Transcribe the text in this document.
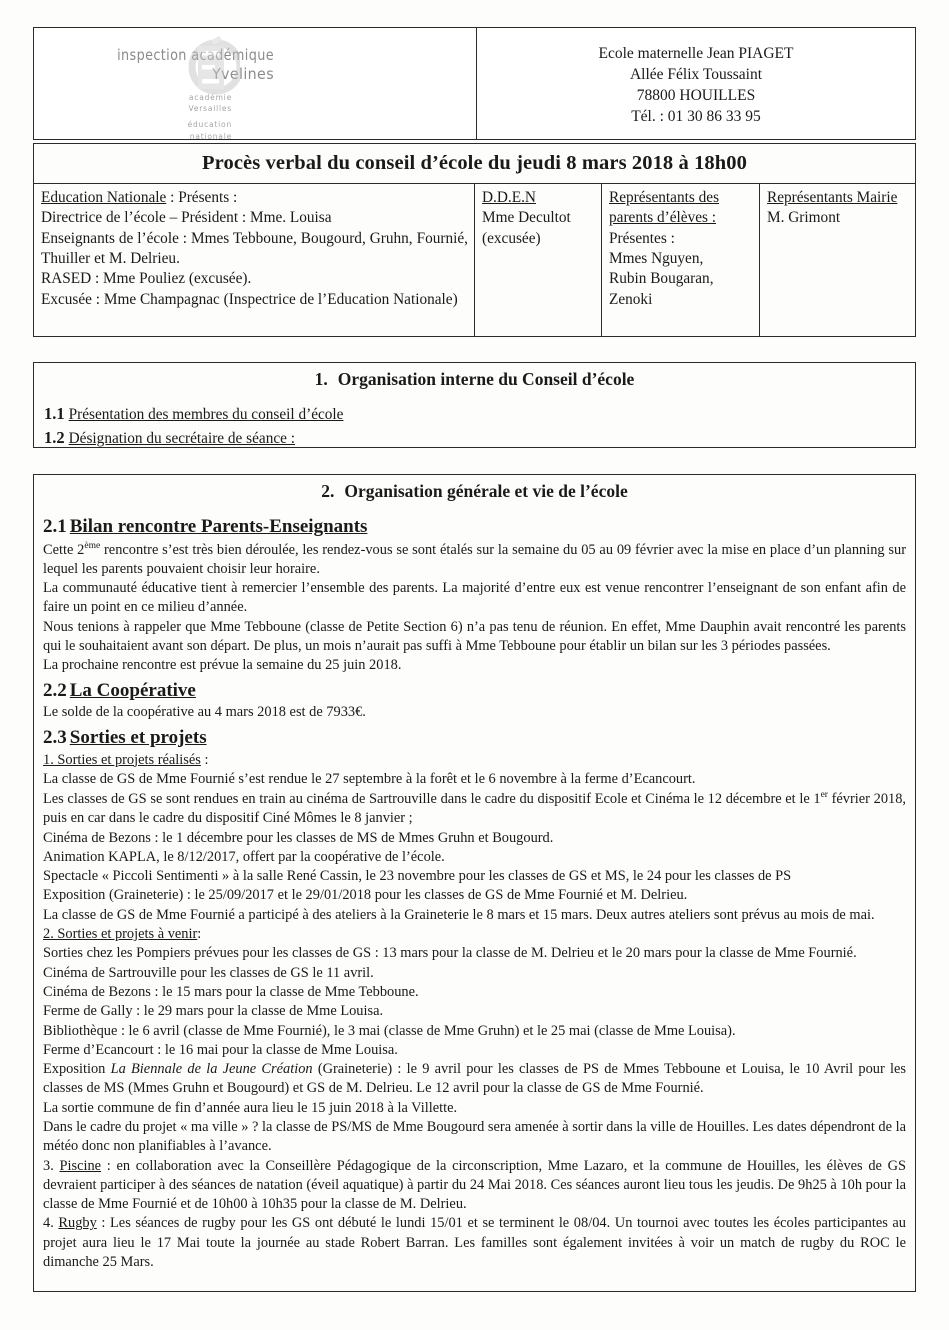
inspection académique
Yvelines
académie
Versailles
éducation
nationale
Ecole maternelle Jean PIAGET
Allée Félix Toussaint
78800 HOUILLES
Tél. : 01 30 86 33 95
Procès verbal du conseil d’école du jeudi 8 mars 2018 à 18h00
Education Nationale : Présents :
Directrice de l’école – Président : Mme. Louisa
Enseignants de l’école : Mmes Tebboune, Bougourd, Gruhn, Fournié, Thuiller et M. Delrieu.
RASED : Mme Pouliez (excusée).
Excusée : Mme Champagnac (Inspectrice de l’Education Nationale)
D.D.E.N
Mme Decultot
(excusée)
Représentants des parents d’élèves :
Présentes :
Mmes Nguyen,
Rubin Bougaran,
Zenoki
Représentants Mairie
M. Grimont
1. Organisation interne du Conseil d’école
1.1 Présentation des membres du conseil d’école
1.2 Désignation du secrétaire de séance :
2. Organisation générale et vie de l’école
2.1 Bilan rencontre Parents-Enseignants

Cette 2ème rencontre s’est très bien déroulée, les rendez-vous se sont étalés sur la semaine du 05 au 09 février avec la mise en place d’un planning sur lequel les parents pouvaient choisir leur horaire.

La communauté éducative tient à remercier l’ensemble des parents. La majorité d’entre eux est venue rencontrer l’enseignant de son enfant afin de faire un point en ce milieu d’année.

Nous tenions à rappeler que Mme Tebboune (classe de Petite Section 6) n’a pas tenu de réunion. En effet, Mme Dauphin avait rencontré les parents qui le souhaitaient avant son départ. De plus, un mois n’aurait pas suffi à Mme Tebboune pour établir un bilan sur les 3 périodes passées.

La prochaine rencontre est prévue la semaine du 25 juin 2018.

2.2 La Coopérative

Le solde de la coopérative au 4 mars 2018 est de 7933€.

2.3 Sorties et projets

1. Sorties et projets réalisés :

La classe de GS de Mme Fournié s’est rendue le 27 septembre à la forêt et le 6 novembre à la ferme d’Ecancourt.

Les classes de GS se sont rendues en train au cinéma de Sartrouville dans le cadre du dispositif Ecole et Cinéma le 12 décembre et le 1er février 2018, puis en car dans le cadre du dispositif Ciné Mômes le 8 janvier ;

Cinéma de Bezons : le 1 décembre pour les classes de MS de Mmes Gruhn et Bougourd.

Animation KAPLA, le 8/12/2017, offert par la coopérative de l’école.

Spectacle « Piccoli Sentimenti » à la salle René Cassin, le 23 novembre pour les classes de GS et MS, le 24 pour les classes de PS

Exposition (Graineterie) : le 25/09/2017 et le 29/01/2018 pour les classes de GS de Mme Fournié et M. Delrieu.

La classe de GS de Mme Fournié a participé à des ateliers à la Graineterie le 8 mars et 15 mars. Deux autres ateliers sont prévus au mois de mai.

2. Sorties et projets à venir:

Sorties chez les Pompiers prévues pour les classes de GS : 13 mars pour la classe de M. Delrieu et le 20 mars pour la classe de Mme Fournié.

Cinéma de Sartrouville pour les classes de GS le 11 avril.

Cinéma de Bezons : le 15 mars pour la classe de Mme Tebboune.

Ferme de Gally : le 29 mars pour la classe de Mme Louisa.

Bibliothèque : le 6 avril (classe de Mme Fournié), le 3 mai (classe de Mme Gruhn) et le 25 mai (classe de Mme Louisa).

Ferme d’Ecancourt : le 16 mai pour la classe de Mme Louisa.

Exposition La Biennale de la Jeune Création (Graineterie) : le 9 avril pour les classes de PS de Mmes Tebboune et Louisa, le 10 Avril pour les classes de MS (Mmes Gruhn et Bougourd) et GS de M. Delrieu. Le 12 avril pour la classe de GS de Mme Fournié.

La sortie commune de fin d’année aura lieu le 15 juin 2018 à la Villette.

Dans le cadre du projet « ma ville » ? la classe de PS/MS de Mme Bougourd sera amenée à sortir dans la ville de Houilles. Les dates dépendront de la météo donc non planifiables à l’avance.

3. Piscine : en collaboration avec la Conseillère Pédagogique de la circonscription, Mme Lazaro, et la commune de Houilles, les élèves de GS devraient participer à des séances de natation (éveil aquatique) à partir du 24 Mai 2018. Ces séances auront lieu tous les jeudis. De 9h25 à 10h pour la classe de Mme Fournié et de 10h00 à 10h35 pour la classe de M. Delrieu.

4. Rugby : Les séances de rugby pour les GS ont débuté le lundi 15/01 et se terminent le 08/04. Un tournoi avec toutes les écoles participantes au projet aura lieu le 17 Mai toute la journée au stade Robert Barran. Les familles sont également invitées à voir un match de rugby du ROC le dimanche 25 Mars.
